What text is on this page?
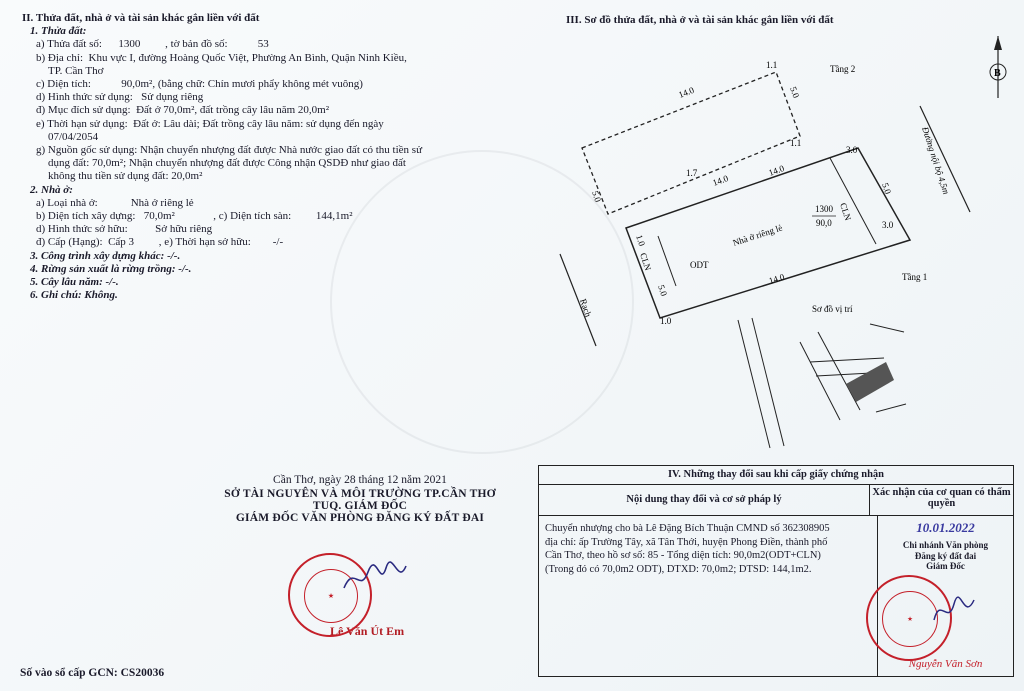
II. Thửa đất, nhà ở và tài sản khác gắn liền với đất
1. Thửa đất:
a) Thửa đất số:      1300         , tờ bản đồ số:           53
b) Địa chỉ:  Khu vực I, đường Hoàng Quốc Việt, Phường An Bình, Quận Ninh Kiều,
TP. Cần Thơ
c) Diện tích:           90,0m², (bằng chữ: Chín mươi phẩy không mét vuông)
d) Hình thức sử dụng:   Sử dụng riêng
đ) Mục đích sử dụng:  Đất ở 70,0m², đất trồng cây lâu năm 20,0m²
e) Thời hạn sử dụng:  Đất ở: Lâu dài; Đất trồng cây lâu năm: sử dụng đến ngày
07/04/2054
g) Nguồn gốc sử dụng: Nhận chuyển nhượng đất được Nhà nước giao đất có thu tiền sử
dụng đất: 70,0m²; Nhận chuyển nhượng đất được Công nhận QSDĐ như giao đất
không thu tiền sử dụng đất: 20,0m²
2. Nhà ở:
a) Loại nhà ở:            Nhà ở riêng lẻ
b) Diện tích xây dựng:   70,0m²              , c) Diện tích sàn:         144,1m²
d) Hình thức sở hữu:          Sở hữu riêng
đ) Cấp (Hạng):  Cấp 3         , e) Thời hạn sở hữu:        -/-
3. Công trình xây dựng khác: -/-.
4. Rừng sản xuất là rừng trồng: -/-.
5. Cây lâu năm: -/-.
6. Ghi chú: Không.
III. Sơ đồ thửa đất, nhà ở và tài sản khác gắn liền với đất
B
Tầng 2
14.0	5.0
1.1
1.1	Đường nội bộ 4,5m
3.0
3.0
14.0
14.0
14.0
1.7
5.0
5.0
1.0
1.0
1300
90,0
CLN
CLN
5.0
Nhà ở riêng lẻ
ODT
Tầng 1
Rạch	Sơ đồ vị trí
Cần Thơ, ngày 28 tháng 12 năm 2021
SỞ TÀI NGUYÊN VÀ MÔI TRƯỜNG TP.CẦN THƠ
TUQ. GIÁM ĐỐC
GIÁM ĐỐC VĂN PHÒNG ĐĂNG KÝ ĐẤT ĐAI
Lê Văn Út Em
★
Số vào sổ cấp GCN: CS20036
IV. Những thay đổi sau khi cấp giấy chứng nhận
Nội dung thay đổi và cơ sở pháp lý
Xác nhận của cơ quan có thẩm quyền
Chuyển nhượng cho bà Lê Đặng Bích Thuận CMND số 362308905
địa chỉ: ấp Trường Tây, xã Tân Thới, huyện Phong Điền, thành phố
Cần Thơ, theo hồ sơ số: 85 - Tổng diện tích: 90,0m2(ODT+CLN)
(Trong đó có 70,0m2 ODT), DTXD: 70,0m2; DTSD: 144,1m2.
10.01.2022
Chi nhánh Văn phòng
Đăng ký đất đai
Giám Đốc
Nguyễn Văn Sơn
★
